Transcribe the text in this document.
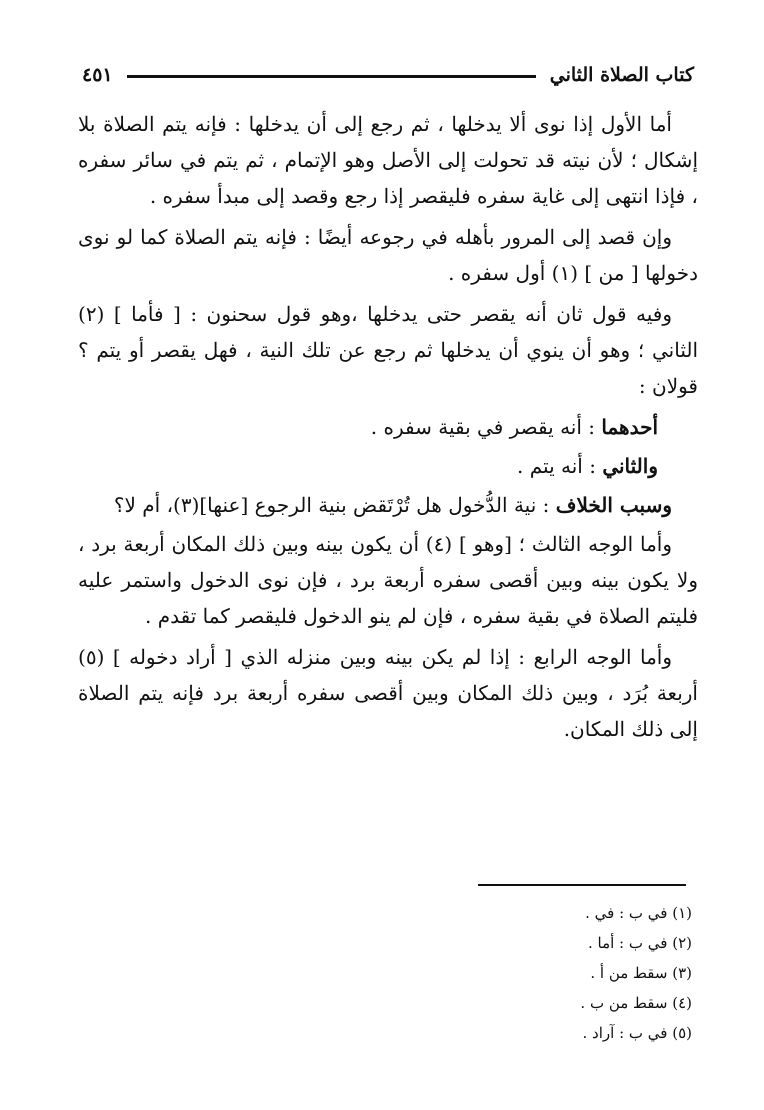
كتاب الصلاة الثاني
٤٥١

أما الأول إذا نوى ألا يدخلها ، ثم رجع إلى أن يدخلها : فإنه يتم الصلاة بلا إشكال ؛ لأن نيته قد تحولت إلى الأصل وهو الإتمام ، ثم يتم في سائر سفره ، فإذا انتهى إلى غاية سفره فليقصر إذا رجع وقصد إلى مبدأ سفره .

وإن قصد إلى المرور بأهله في رجوعه أيضًا : فإنه يتم الصلاة كما لو نوى دخولها [ من ] (١) أول سفره .

وفيه قول ثان أنه يقصر حتى يدخلها ،وهو قول سحنون : [ فأما ] (٢) الثاني ؛ وهو أن ينوي أن يدخلها ثم رجع عن تلك النية ، فهل يقصر أو يتم ؟ قولان :

أحدهما : أنه يقصر في بقية سفره .
والثاني : أنه يتم .
وسبب الخلاف : نية الدُّخول هل تُرْتَقض بنية الرجوع [عنها](٣)، أم لا؟

وأما الوجه الثالث ؛ [وهو ] (٤) أن يكون بينه وبين ذلك المكان أربعة برد ، ولا يكون بينه وبين أقصى سفره أربعة برد ، فإن نوى الدخول واستمر عليه فليتم الصلاة في بقية سفره ، فإن لم ينو الدخول فليقصر كما تقدم .

وأما الوجه الرابع : إذا لم يكن بينه وبين منزله الذي [ أراد دخوله ] (٥) أربعة بُرَد ، وبين ذلك المكان وبين أقصى سفره أربعة برد فإنه يتم الصلاة إلى ذلك المكان.

(١) في ب : في .
(٢) في ب : أما .
(٣) سقط من أ .
(٤) سقط من ب .
(٥) في ب : آراد .
